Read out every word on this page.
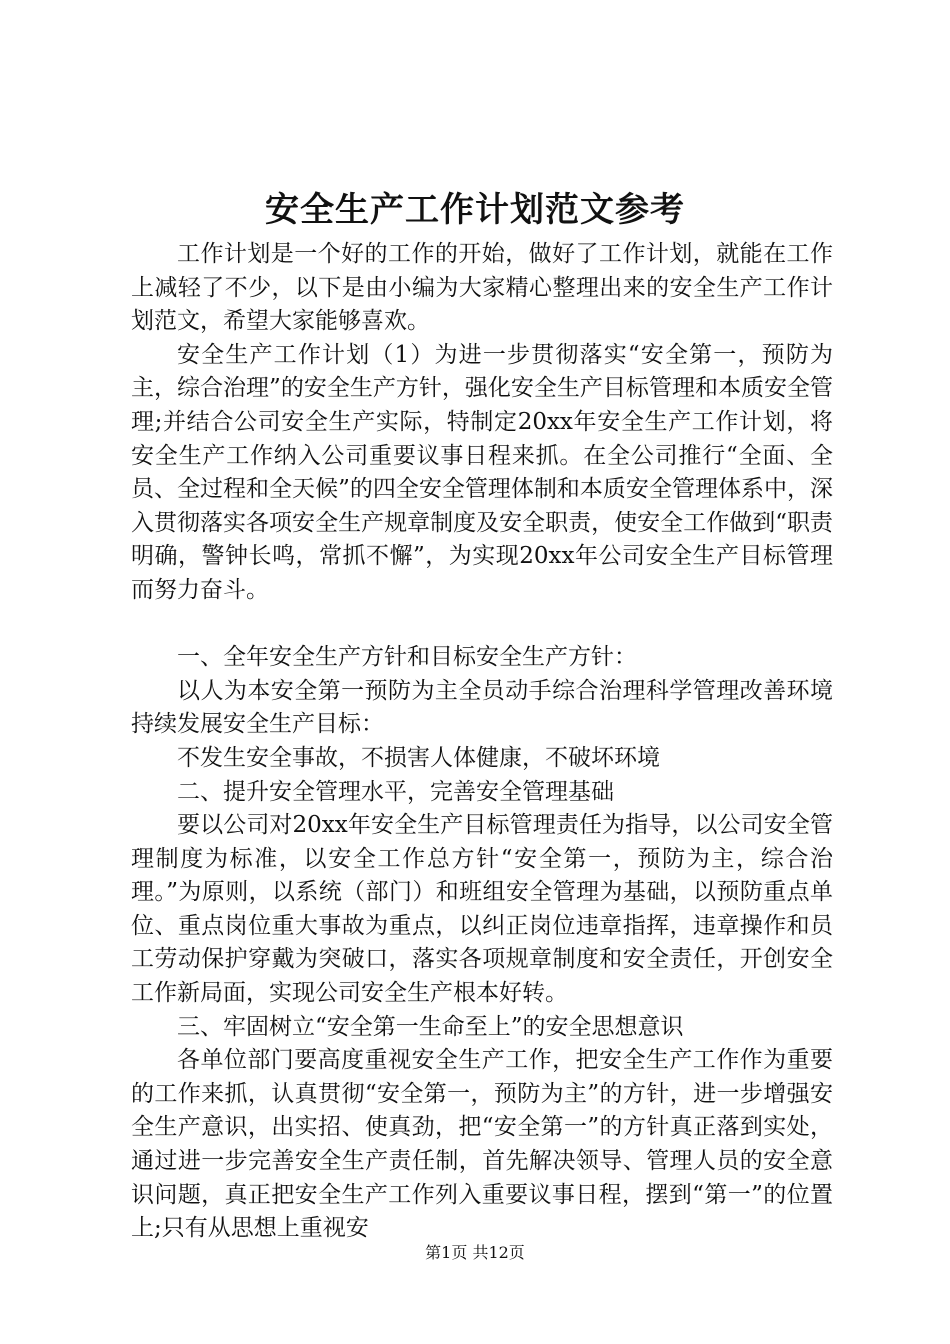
安全生产工作计划范文参考

工作计划是一个好的工作的开始，做好了工作计划，就能在工作上减轻了不少，以下是由小编为大家精心整理出来的安全生产工作计划范文，希望大家能够喜欢。

安全生产工作计划（1）为进一步贯彻落实“安全第一，预防为主，综合治理”的安全生产方针，强化安全生产目标管理和本质安全管理;并结合公司安全生产实际，特制定20xx年安全生产工作计划，将安全生产工作纳入公司重要议事日程来抓。在全公司推行“全面、全员、全过程和全天候”的四全安全管理体制和本质安全管理体系中，深入贯彻落实各项安全生产规章制度及安全职责，使安全工作做到“职责明确，警钟长鸣，常抓不懈”，为实现20xx年公司安全生产目标管理而努力奋斗。

一、全年安全生产方针和目标安全生产方针：

以人为本安全第一预防为主全员动手综合治理科学管理改善环境持续发展安全生产目标：

不发生安全事故，不损害人体健康，不破坏环境

二、提升安全管理水平，完善安全管理基础

要以公司对20xx年安全生产目标管理责任为指导，以公司安全管理制度为标准，以安全工作总方针“安全第一，预防为主，综合治理。”为原则，以系统（部门）和班组安全管理为基础，以预防重点单位、重点岗位重大事故为重点，以纠正岗位违章指挥，违章操作和员工劳动保护穿戴为突破口，落实各项规章制度和安全责任，开创安全工作新局面，实现公司安全生产根本好转。

三、牢固树立“安全第一生命至上”的安全思想意识

各单位部门要高度重视安全生产工作，把安全生产工作作为重要的工作来抓，认真贯彻“安全第一，预防为主”的方针，进一步增强安全生产意识，出实招、使真劲，把“安全第一”的方针真正落到实处，通过进一步完善安全生产责任制，首先解决领导、管理人员的安全意识问题，真正把安全生产工作列入重要议事日程，摆到“第一”的位置上;只有从思想上重视安

第1页 共12页
